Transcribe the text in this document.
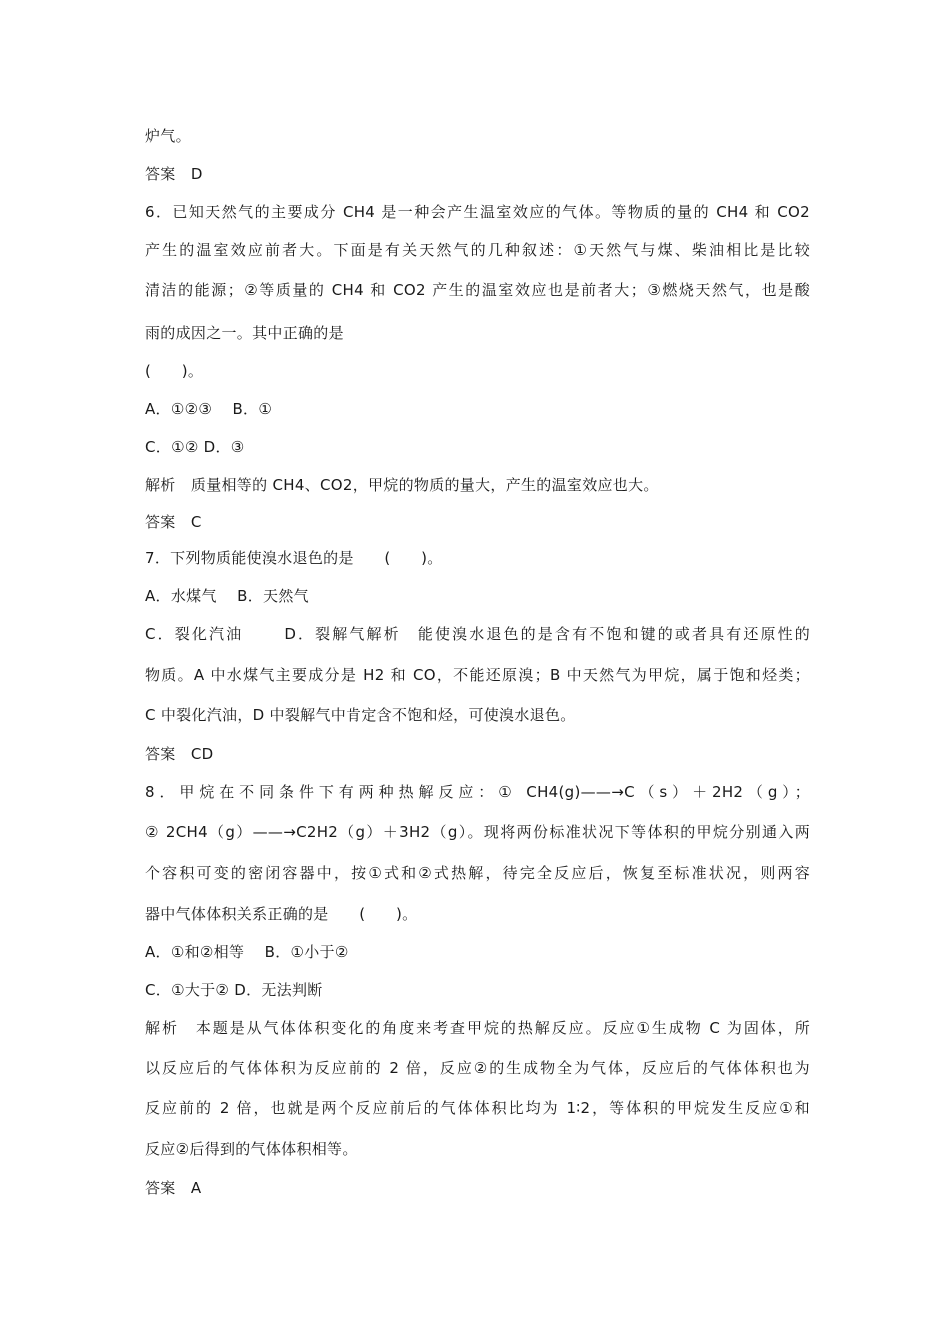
炉气。
答案　D
6．已知天然气的主要成分 CH4 是一种会产生温室效应的气体。等物质的量的 CH4 和 CO2
产生的温室效应前者大。下面是有关天然气的几种叙述：①天然气与煤、柴油相比是比较
清洁的能源；②等质量的 CH4 和 CO2 产生的温室效应也是前者大；③燃烧天然气，也是酸
雨的成因之一。其中正确的是
(　　)。
A．①②③　 B．①
C．①② D．③
解析　质量相等的 CH4、CO2，甲烷的物质的量大，产生的温室效应也大。
答案　C
7．下列物质能使溴水退色的是　　(　　)。
A．水煤气　 B．天然气
C．裂化汽油　　 D．裂解气解析　能使溴水退色的是含有不饱和键的或者具有还原性的
物质。A 中水煤气主要成分是 H2 和 CO，不能还原溴；B 中天然气为甲烷，属于饱和烃类；
C 中裂化汽油，D 中裂解气中肯定含不饱和烃，可使溴水退色。
答案　CD
8．甲烷在不同条件下有两种热解反应：① CH4(g)——→C（s）＋2H2（g）；
② 2CH4（g）——→C2H2（g）＋3H2（g）。现将两份标准状况下等体积的甲烷分别通入两
个容积可变的密闭容器中，按①式和②式热解，待完全反应后，恢复至标准状况，则两容
器中气体体积关系正确的是　　(　　)。
A．①和②相等　 B．①小于②
C．①大于② D．无法判断
解析　本题是从气体体积变化的角度来考查甲烷的热解反应。反应①生成物 C 为固体，所
以反应后的气体体积为反应前的 2 倍，反应②的生成物全为气体，反应后的气体体积也为
反应前的 2 倍，也就是两个反应前后的气体体积比均为 1∶2，等体积的甲烷发生反应①和
反应②后得到的气体体积相等。
答案　A
